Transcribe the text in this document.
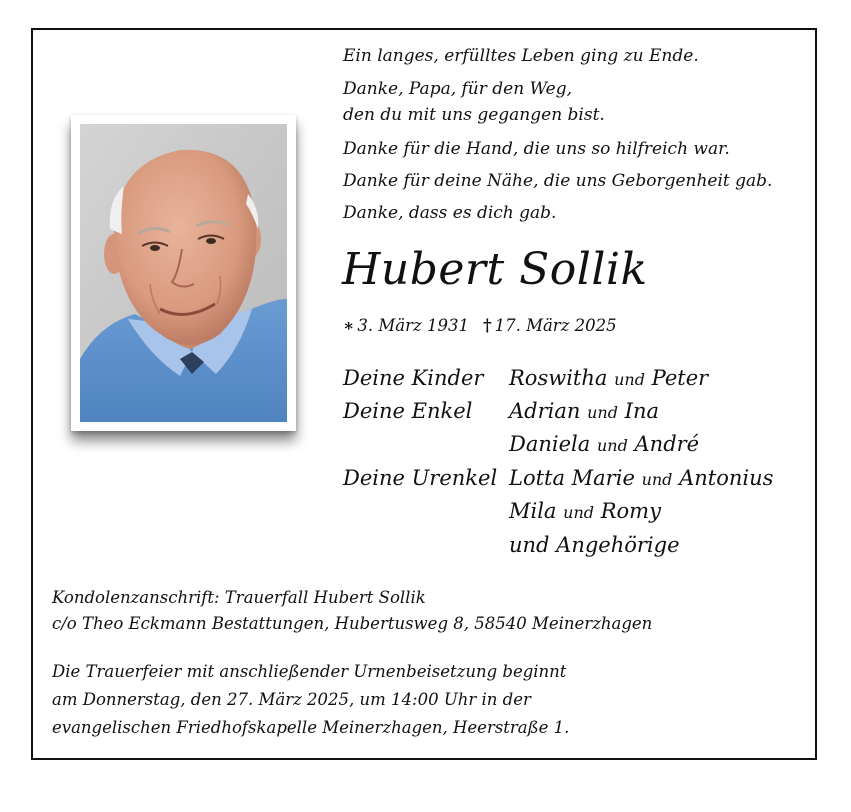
Ein langes, erfülltes Leben ging zu Ende.
Danke, Papa, für den Weg,
den du mit uns gegangen bist.
Danke für die Hand, die uns so hilfreich war.
Danke für deine Nähe, die uns Geborgenheit gab.
Danke, dass es dich gab.
Hubert Sollik
∗ 3. März 1931 † 17. März 2025
Deine Kinder Roswitha und Peter
Deine Enkel Adrian und Ina
Daniela und André
Deine Urenkel Lotta Marie und Antonius
Mila und Romy
und Angehörige
Kondolenzanschrift: Trauerfall Hubert Sollik
c/o Theo Eckmann Bestattungen, Hubertusweg 8, 58540 Meinerzhagen
Die Trauerfeier mit anschließender Urnenbeisetzung beginnt
am Donnerstag, den 27. März 2025, um 14:00 Uhr in der
evangelischen Friedhofskapelle Meinerzhagen, Heerstraße 1.
